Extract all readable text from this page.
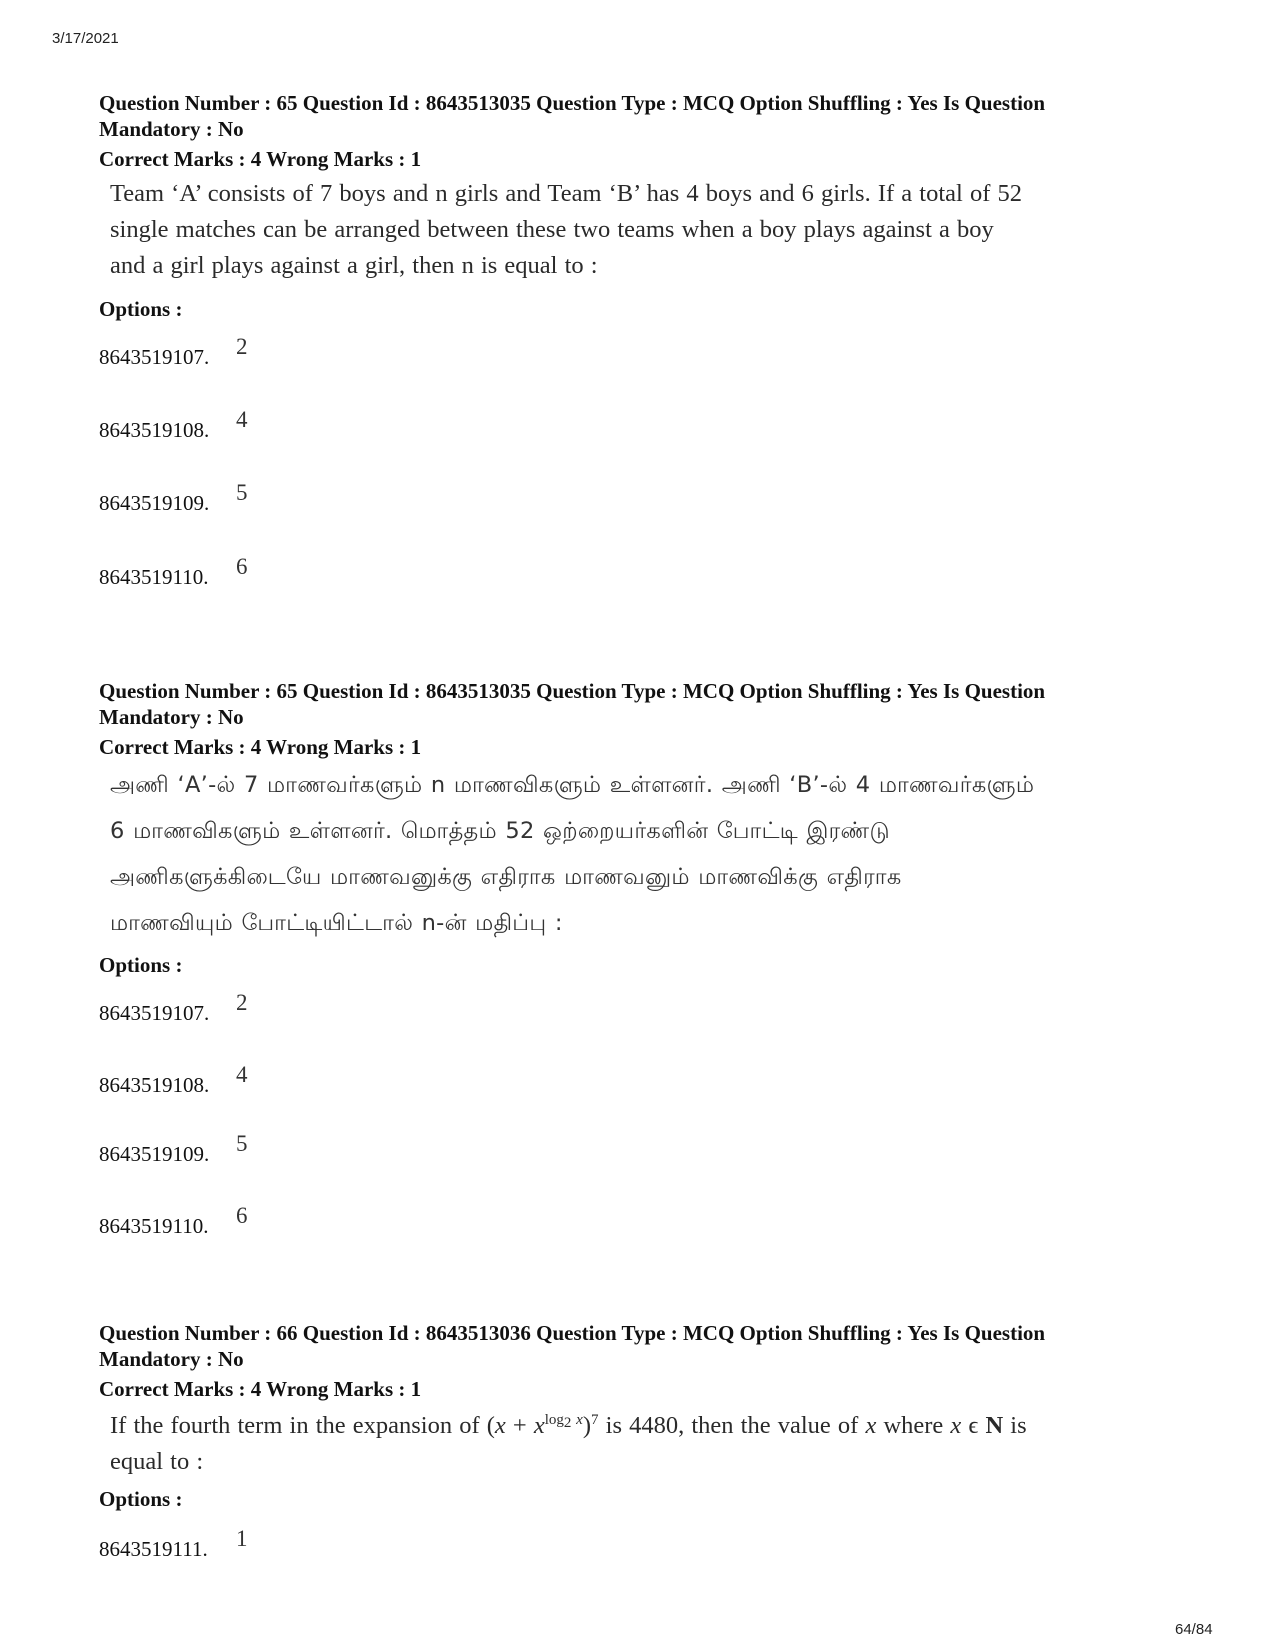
3/17/2021
Question Number : 65 Question Id : 8643513035 Question Type : MCQ Option Shuffling : Yes Is Question
Mandatory : No
Correct Marks : 4 Wrong Marks : 1
Team ‘A’ consists of 7 boys and n girls and Team ‘B’ has 4 boys and 6 girls. If a total of 52
single matches can be arranged between these two teams when a boy plays against a boy
and a girl plays against a girl, then n is equal to :
Options :
8643519107. 2
8643519108. 4
8643519109. 5
8643519110. 6
Question Number : 65 Question Id : 8643513035 Question Type : MCQ Option Shuffling : Yes Is Question
Mandatory : No
Correct Marks : 4 Wrong Marks : 1
அணி ‘A’-ல் 7 மாணவர்களும் n மாணவிகளும் உள்ளனர். அணி ‘B’-ல் 4 மாணவர்களும்
6 மாணவிகளும் உள்ளனர். மொத்தம் 52 ஒற்றையர்களின் போட்டி இரண்டு
அணிகளுக்கிடையே மாணவனுக்கு எதிராக மாணவனும் மாணவிக்கு எதிராக
மாணவியும் போட்டியிட்டால் n-ன் மதிப்பு :
Options :
8643519107. 2
8643519108. 4
8643519109. 5
8643519110. 6
Question Number : 66 Question Id : 8643513036 Question Type : MCQ Option Shuffling : Yes Is Question
Mandatory : No
Correct Marks : 4 Wrong Marks : 1
If the fourth term in the expansion of $(x + x^{log_2 x})^7$ is 4480, then the value of x where x ϵ N is
equal to :
Options :
8643519111. 1
64/84
